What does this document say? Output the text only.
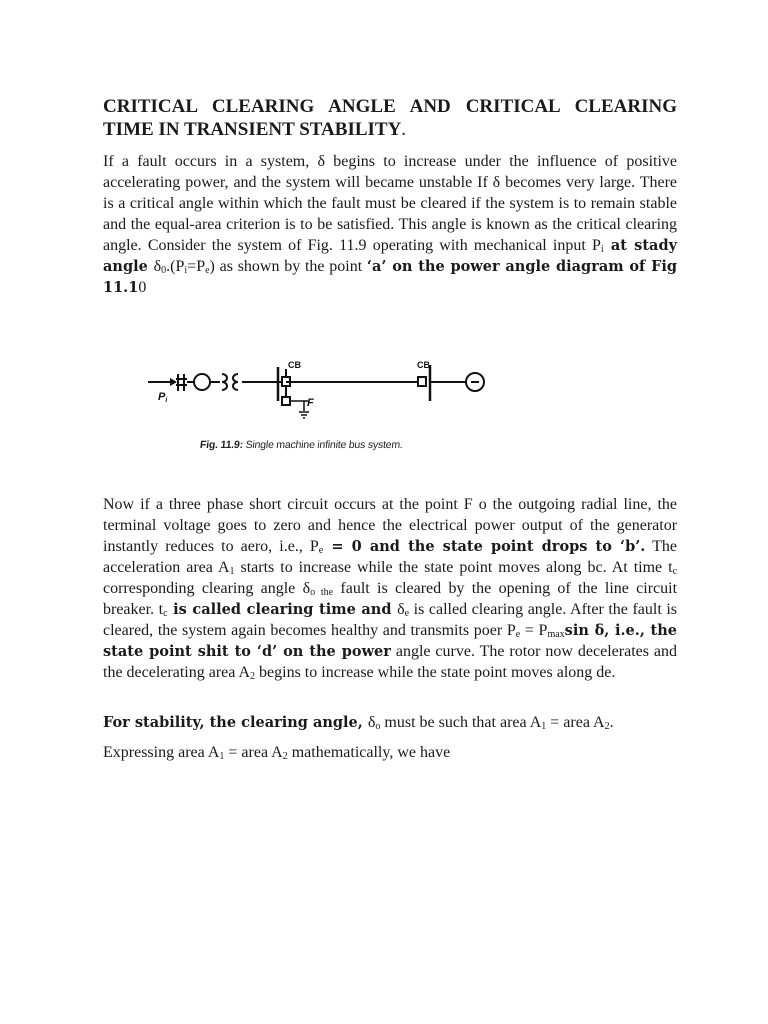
CRITICAL CLEARING ANGLE AND CRITICAL CLEARING TIME IN TRANSIENT STABILITY.
If a fault occurs in a system, δ begins to increase under the influence of positive accelerating power, and the system will became unstable If δ becomes very large. There is a critical angle within which the fault must be cleared if the system is to remain stable and the equal-area criterion is to be satisfied. This angle is known as the critical clearing angle. Consider the system of Fig. 11.9 operating with mechanical input $P_i$ at stady angle $\delta_0.(P_i=P_e)$ as shown by the point ‘a’ on the power angle diagram of Fig 11.10
CB	CB
Pi	F

Fig. 11.9: Single machine infinite bus system.

Now if a three phase short circuit occurs at the point F o the outgoing radial line, the terminal voltage goes to zero and hence the electrical power output of the generator instantly reduces to aero, i.e., $P_e = 0$ and the state point drops to ‘b’. The acceleration area $A_1$ starts to increase while the state point moves along bc. At time $t_c$ corresponding clearing angle $\delta_{o the}$ fault is cleared by the opening of the line circuit breaker. $t_c$ is called clearing time and $\delta_e$ is called clearing angle. After the fault is cleared, the system again becomes healthy and transmits poer $P_e = P_{max}\sin$ δ, i.e., the state point shit to ‘d’ on the power angle curve. The rotor now decelerates and the decelerating area $A_2$ begins to increase while the state point moves along de.
For stability, the clearing angle, $\delta_o$ must be such that area $A_1$ = area $A_2$.
Expressing area $A_1$ = area $A_2$ mathematically, we have
